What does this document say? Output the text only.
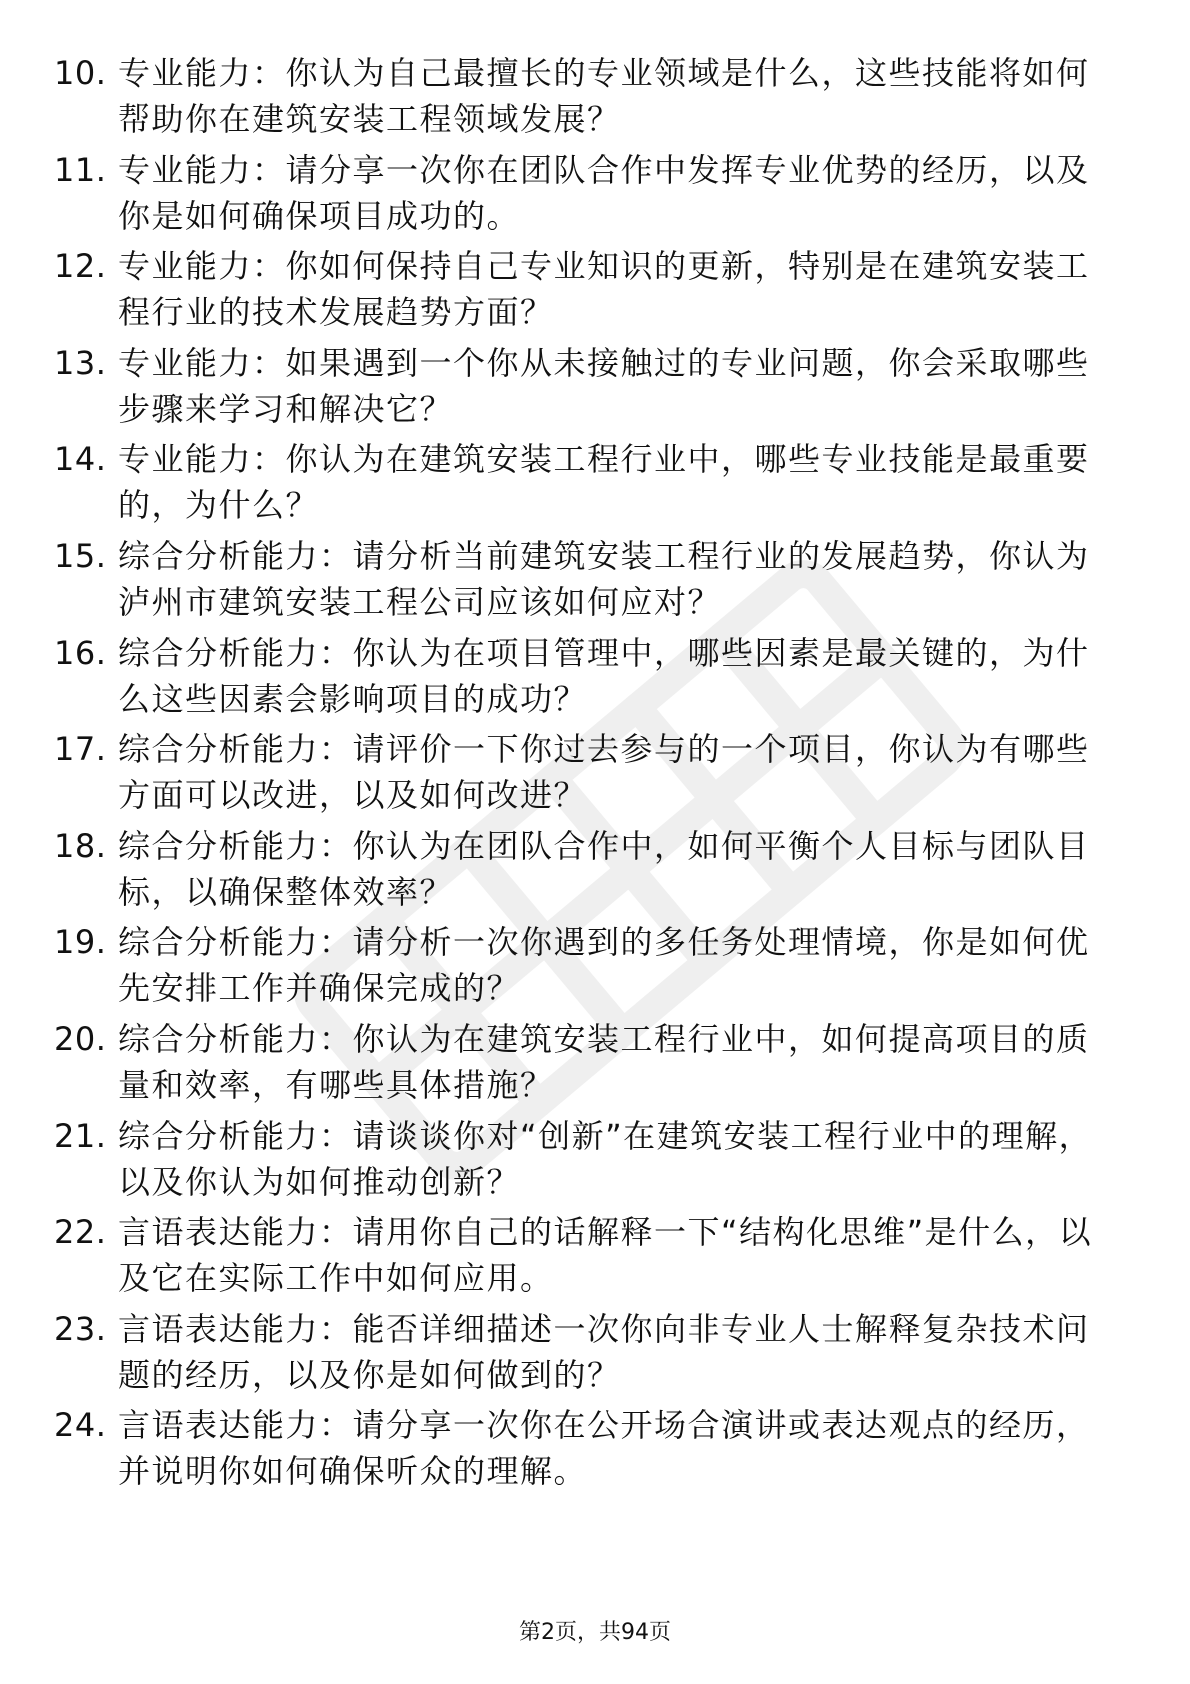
10. 专业能力：你认为自己最擅长的专业领域是什么，这些技能将如何帮助你在建筑安装工程领域发展？
11. 专业能力：请分享一次你在团队合作中发挥专业优势的经历，以及你是如何确保项目成功的。
12. 专业能力：你如何保持自己专业知识的更新，特别是在建筑安装工程行业的技术发展趋势方面？
13. 专业能力：如果遇到一个你从未接触过的专业问题，你会采取哪些步骤来学习和解决它？
14. 专业能力：你认为在建筑安装工程行业中，哪些专业技能是最重要的，为什么？
15. 综合分析能力：请分析当前建筑安装工程行业的发展趋势，你认为泸州市建筑安装工程公司应该如何应对？
16. 综合分析能力：你认为在项目管理中，哪些因素是最关键的，为什么这些因素会影响项目的成功？
17. 综合分析能力：请评价一下你过去参与的一个项目，你认为有哪些方面可以改进，以及如何改进？
18. 综合分析能力：你认为在团队合作中，如何平衡个人目标与团队目标，以确保整体效率？
19. 综合分析能力：请分析一次你遇到的多任务处理情境，你是如何优先安排工作并确保完成的？
20. 综合分析能力：你认为在建筑安装工程行业中，如何提高项目的质量和效率，有哪些具体措施？
21. 综合分析能力：请谈谈你对“创新”在建筑安装工程行业中的理解，以及你认为如何推动创新？
22. 言语表达能力：请用你自己的话解释一下“结构化思维”是什么，以及它在实际工作中如何应用。
23. 言语表达能力：能否详细描述一次你向非专业人士解释复杂技术问题的经历，以及你是如何做到的？
24. 言语表达能力：请分享一次你在公开场合演讲或表达观点的经历，并说明你如何确保听众的理解。
第2页，共94页
